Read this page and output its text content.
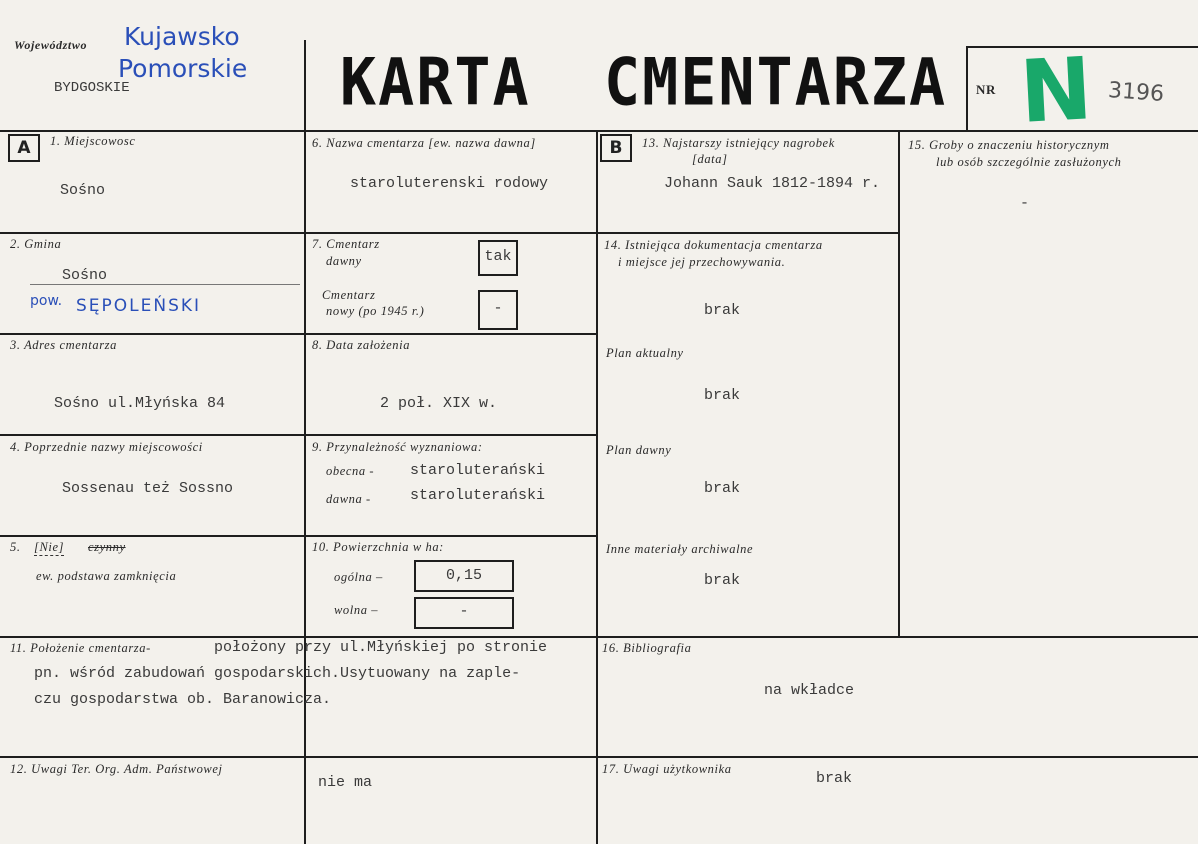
Województwo Kujawsko
Pomorskie
BYDGOSKIE	KARTA CMENTARZA NR N 3196
A	1. Miejscowosc
Sośno
2. Gmina
Sośno
pow. SĘPOLEŃSKI
3. Adres cmentarza
Sośno ul.Młyńska 84
4. Poprzednie nazwy miejscowości
Sossenau też Sossno
5. [Nie] czynny
ew. podstawa zamknięcia
11. Położenie cmentarza-	położony przy ul.Młyńskiej po stronie
pn. wśród zabudowań gospodarskich.Usytuowany na zaple-
czu gospodarstwa ob. Baranowicza.
12. Uwagi Ter. Org. Adm. Państwowej
nie ma
6. Nazwa cmentarza [ew. nazwa dawna]
staroluterenski rodowy
7. Cmentarz
dawny	tak
Cmentarz
nowy (po 1945 r.)	-
8. Data założenia
2 poł. XIX w.
9. Przynależność wyznaniowa:
obecna - staroluterański
dawna -	staroluterański
10. Powierzchnia w ha:
ogólna –	0,15
wolna –	-
B	13. Najstarszy istniejący nagrobek
[data]
Johann Sauk 1812-1894 r.
14. Istniejąca dokumentacja cmentarza
i miejsce jej przechowywania.
brak
Plan aktualny
brak
Plan dawny
brak
Inne materiały archiwalne
brak
16. Bibliografia
na wkładce
17. Uwagi użytkownika
brak
15. Groby o znaczeniu historycznym
lub osób szczególnie zasłużonych
-
